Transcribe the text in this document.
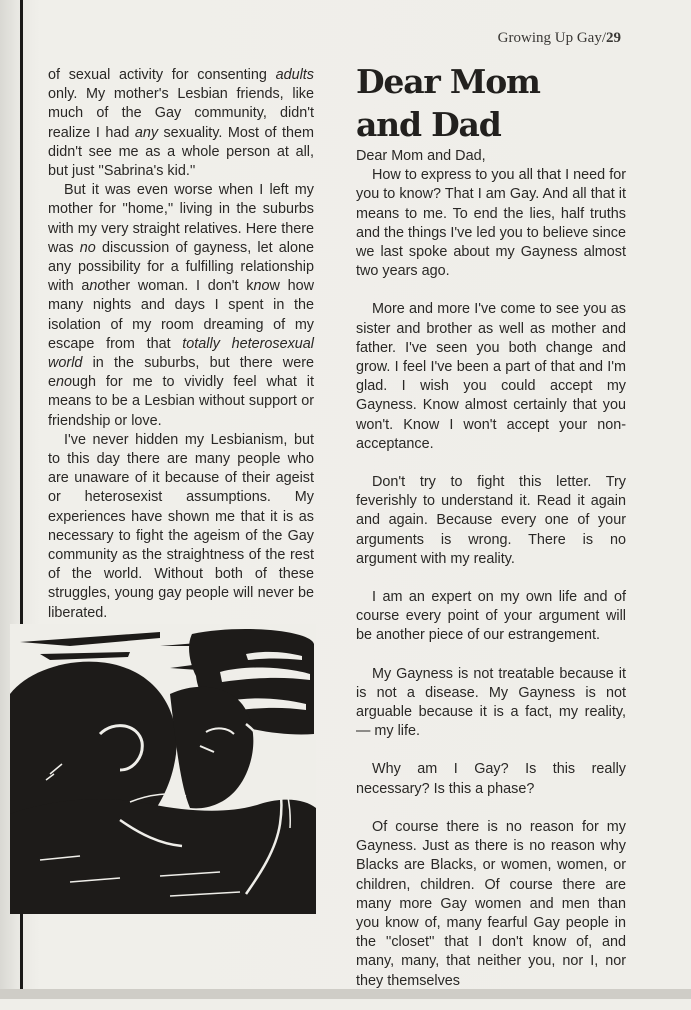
Growing Up Gay/29

of sexual activity for consenting adults only. My mother's Lesbian friends, like much of the Gay community, didn't realize I had any sexuality. Most of them didn't see me as a whole person at all, but just ''Sabrina's kid.''

But it was even worse when I left my mother for ''home,'' living in the suburbs with my very straight relatives. Here there was no discussion of gayness, let alone any possibility for a fulfilling relationship with another woman. I don't know how many nights and days I spent in the isolation of my room dreaming of my escape from that totally heterosexual world in the suburbs, but there were enough for me to vividly feel what it means to be a Lesbian without support or friendship or love.

I've never hidden my Lesbianism, but to this day there are many people who are unaware of it because of their ageist or heterosexist assumptions. My experiences have shown me that it is as necessary to fight the ageism of the Gay community as the straightness of the rest of the world. Without both of these struggles, young gay people will never be liberated.

Dear Mom
and Dad

Dear Mom and Dad,

How to express to you all that I need for you to know? That I am Gay. And all that it means to me. To end the lies, half truths and the things I've led you to believe since we last spoke about my Gayness almost two years ago.

More and more I've come to see you as sister and brother as well as mother and father. I've seen you both change and grow. I feel I've been a part of that and I'm glad. I wish you could accept my Gayness. Know almost certainly that you won't. Know I won't accept your non-acceptance.

Don't try to fight this letter. Try feverishly to understand it. Read it again and again. Because every one of your arguments is wrong. There is no argument with my reality.

I am an expert on my own life and of course every point of your argument will be another piece of our estrangement.

My Gayness is not treatable because it is not a disease. My Gayness is not arguable because it is a fact, my reality, — my life.

Why am I Gay? Is this really necessary? Is this a phase?

Of course there is no reason for my Gayness. Just as there is no reason why Blacks are Blacks, or women, women, or children, children. Of course there are many more Gay women and men than you know of, many fearful Gay people in the ''closet'' that I don't know of, and many, many, that neither you, nor I, nor they themselves
